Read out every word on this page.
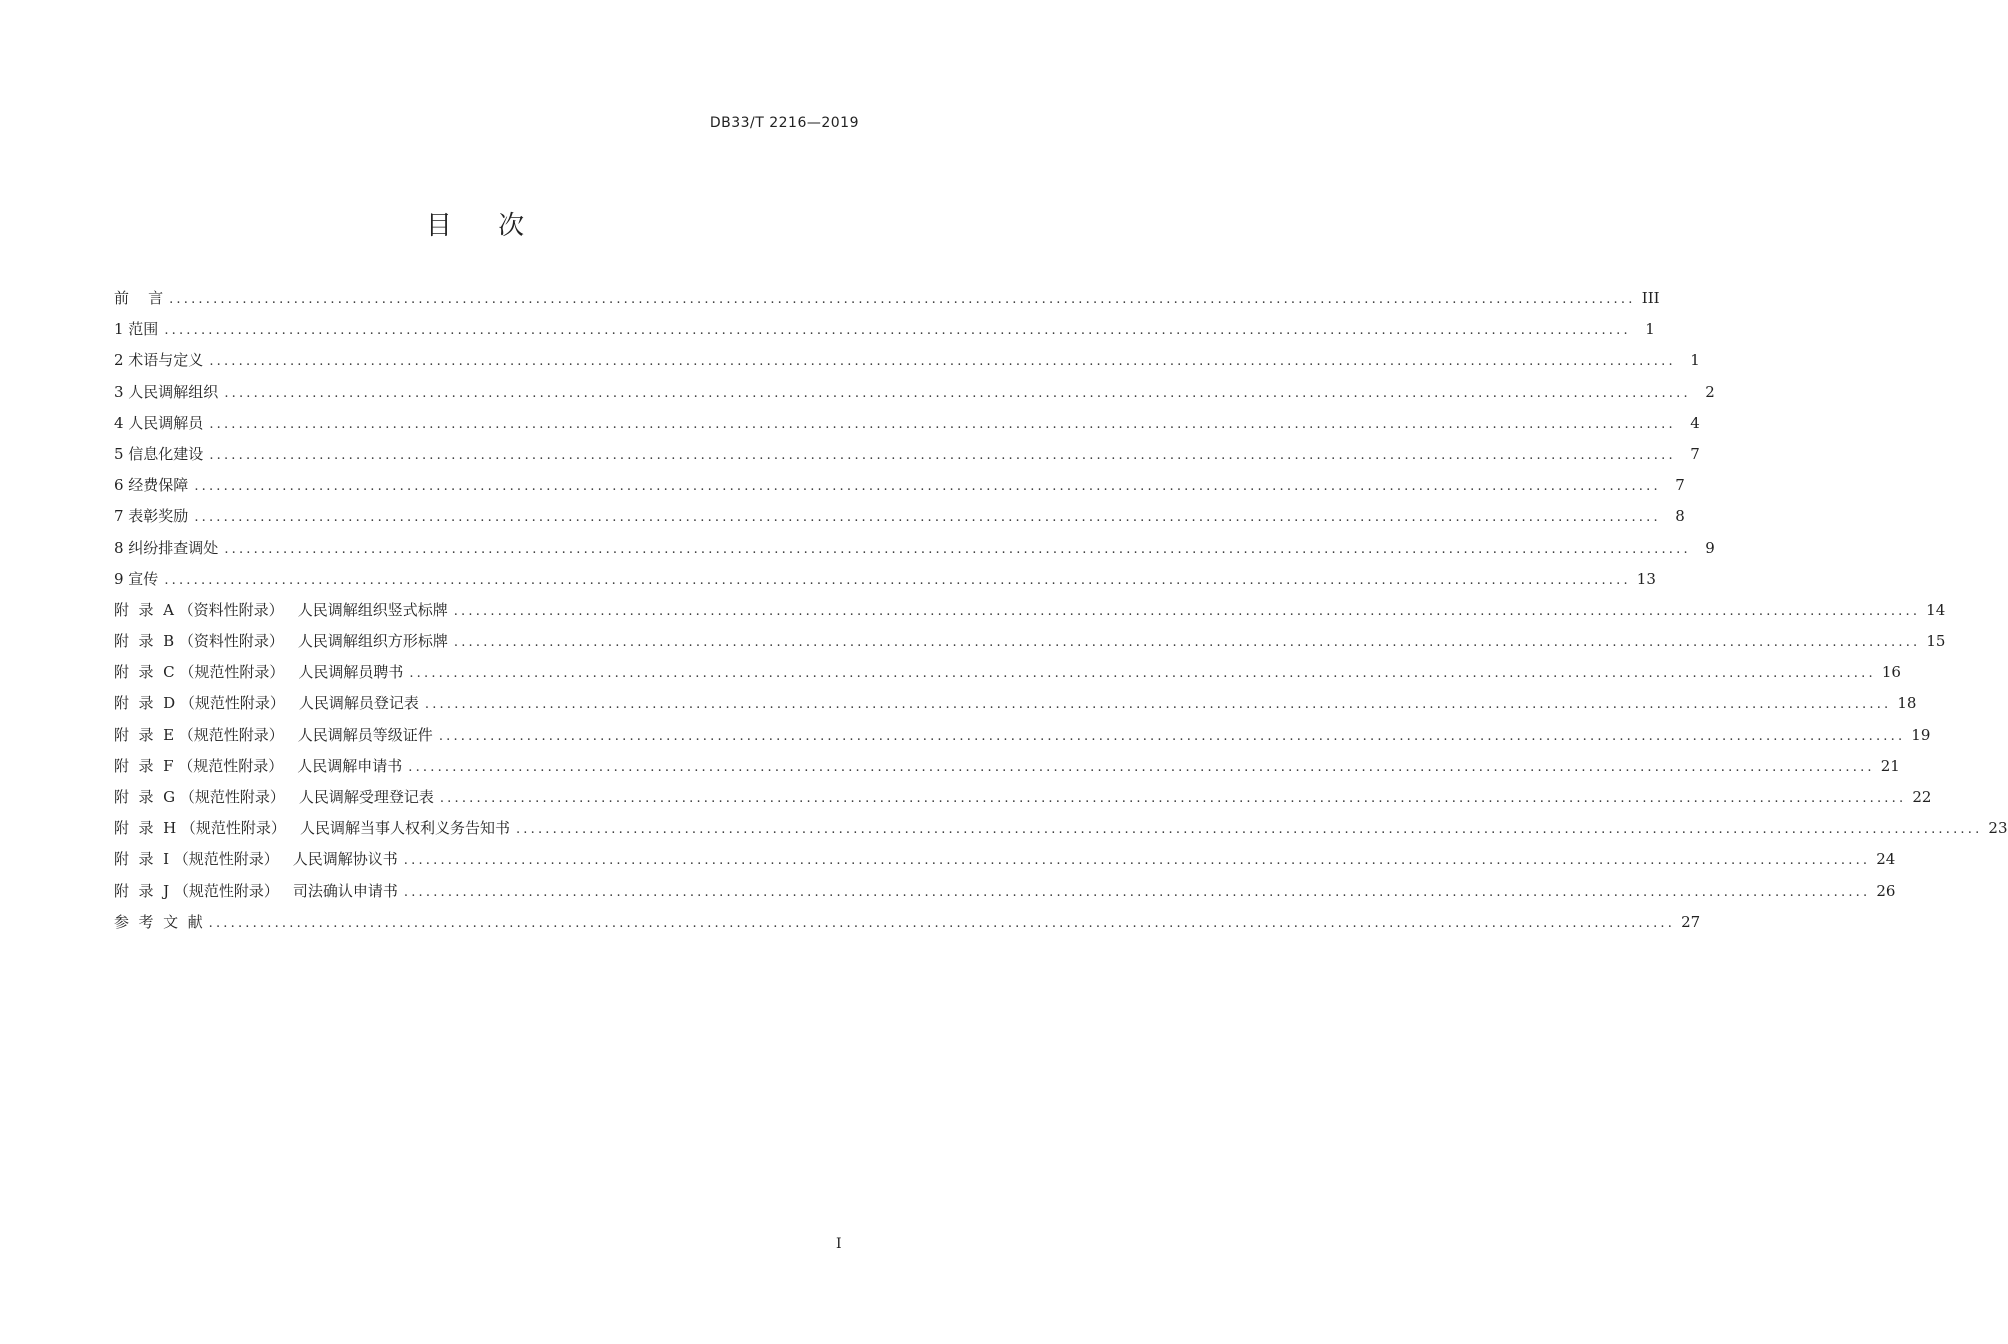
DB33/T 2216—2019
目 次
前    言 ........................................................................................................................................................................................................ III
1 范围 ........................................................................................................................................................................................................ 1
2 术语与定义 ........................................................................................................................................................................................................ 1
3 人民调解组织 ........................................................................................................................................................................................................ 2
4 人民调解员 ........................................................................................................................................................................................................ 4
5 信息化建设 ........................................................................................................................................................................................................ 7
6 经费保障 ........................................................................................................................................................................................................ 7
7 表彰奖励 ........................................................................................................................................................................................................ 8
8 纠纷排查调处 ........................................................................................................................................................................................................ 9
9 宣传 ........................................................................................................................................................................................................ 13
附  录  A （资料性附录） 人民调解组织竖式标牌 ........................................................................................................................................................................................................ 14
附  录  B （资料性附录） 人民调解组织方形标牌 ........................................................................................................................................................................................................ 15
附  录  C （规范性附录） 人民调解员聘书 ........................................................................................................................................................................................................ 16
附  录  D （规范性附录） 人民调解员登记表 ........................................................................................................................................................................................................ 18
附  录  E （规范性附录） 人民调解员等级证件 ........................................................................................................................................................................................................ 19
附  录  F （规范性附录） 人民调解申请书 ........................................................................................................................................................................................................ 21
附  录  G （规范性附录） 人民调解受理登记表 ........................................................................................................................................................................................................ 22
附  录  H （规范性附录） 人民调解当事人权利义务告知书 ........................................................................................................................................................................................................ 23
附  录  I （规范性附录） 人民调解协议书 ........................................................................................................................................................................................................ 24
附  录  J （规范性附录） 司法确认申请书 ........................................................................................................................................................................................................ 26
参  考  文  献 ........................................................................................................................................................................................................ 27
I
